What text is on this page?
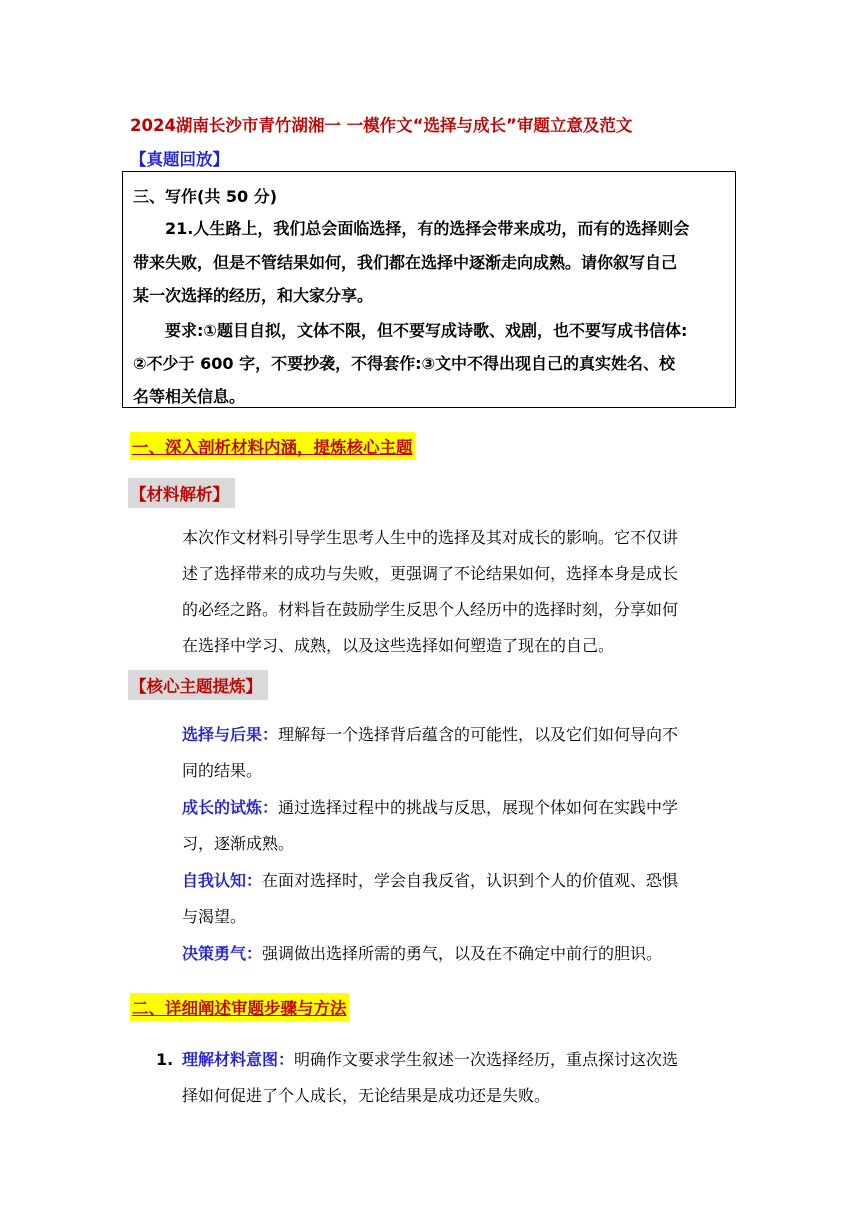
2024湖南长沙市青竹湖湘一 一模作文“选择与成长”审题立意及范文
【真题回放】
三、写作(共 50 分)
21.人生路上，我们总会面临选择，有的选择会带来成功，而有的选择则会
带来失败，但是不管结果如何，我们都在选择中逐渐走向成熟。请你叙写自己
某一次选择的经历，和大家分享。
要求:①题目自拟，文体不限，但不要写成诗歌、戏剧，也不要写成书信体:
②不少于 600 字，不要抄袭，不得套作:③文中不得出现自己的真实姓名、校
名等相关信息。
一、深入剖析材料内涵，提炼核心主题
【材料解析】
本次作文材料引导学生思考人生中的选择及其对成长的影响。它不仅讲
述了选择带来的成功与失败，更强调了不论结果如何，选择本身是成长
的必经之路。材料旨在鼓励学生反思个人经历中的选择时刻，分享如何
在选择中学习、成熟，以及这些选择如何塑造了现在的自己。
【核心主题提炼】
选择与后果：理解每一个选择背后蕴含的可能性，以及它们如何导向不
同的结果。
成长的试炼：通过选择过程中的挑战与反思，展现个体如何在实践中学
习，逐渐成熟。
自我认知：在面对选择时，学会自我反省，认识到个人的价值观、恐惧
与渴望。
决策勇气：强调做出选择所需的勇气，以及在不确定中前行的胆识。
二、详细阐述审题步骤与方法
1. 理解材料意图：明确作文要求学生叙述一次选择经历，重点探讨这次选
择如何促进了个人成长，无论结果是成功还是失败。
